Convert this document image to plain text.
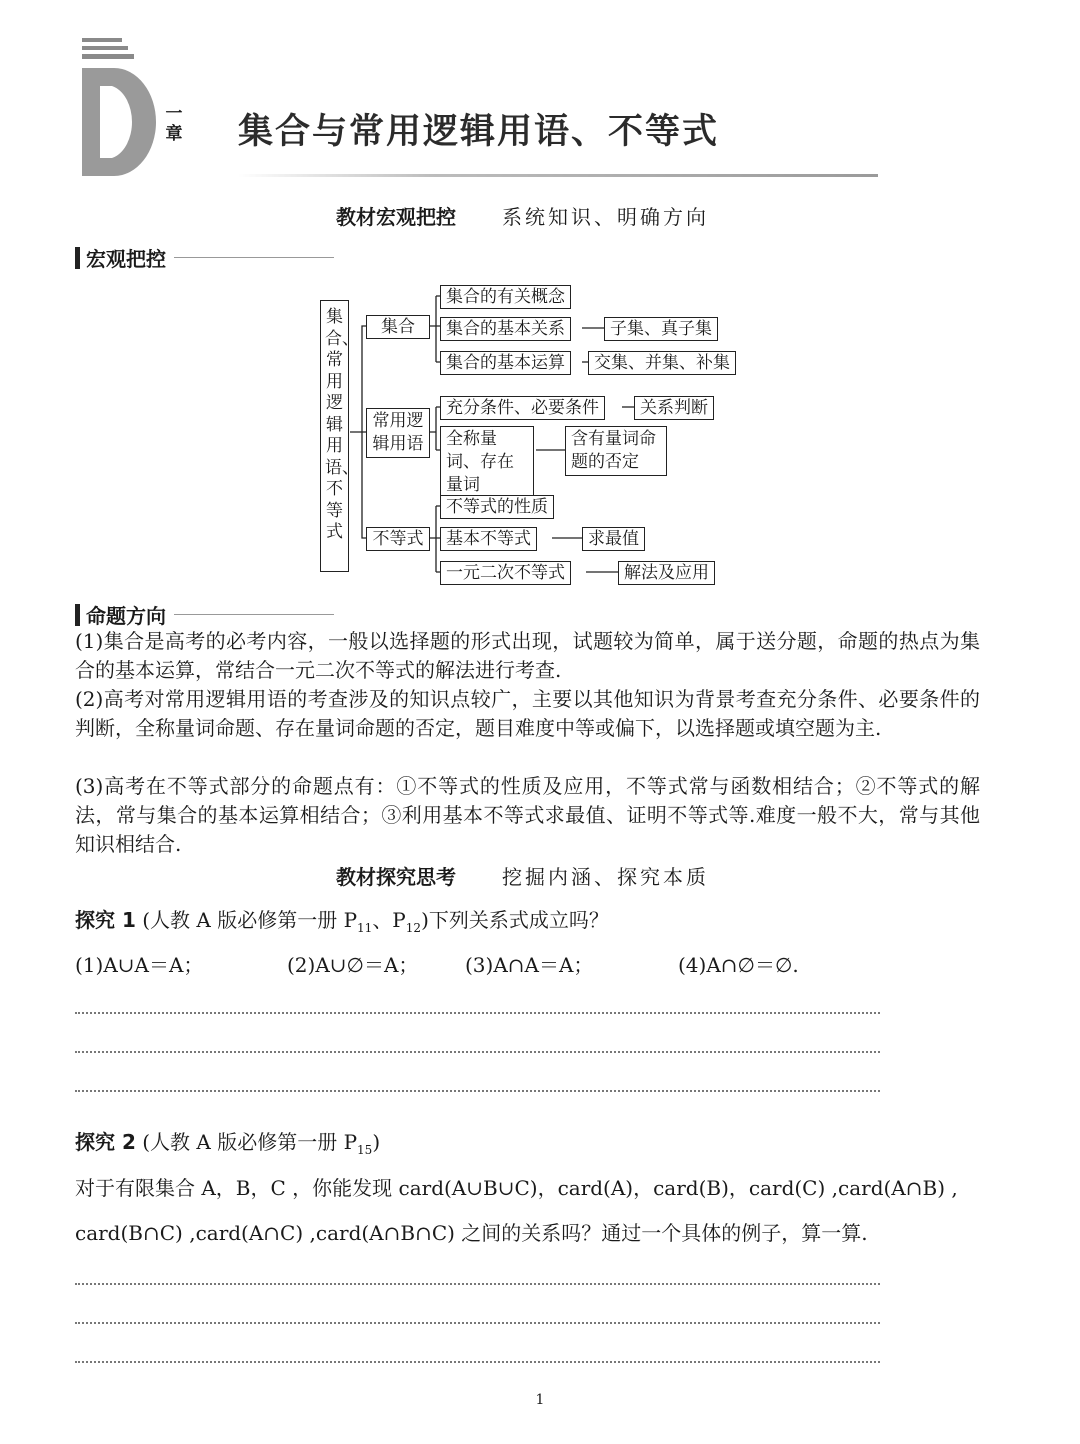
一章 集合与常用逻辑用语、不等式
教材宏观把控 系统知识、明确方向
宏观把控
集合、常用逻辑用语、不等式
集合
常用逻辑用语
不等式
集合的有关概念
集合的基本关系	子集、真子集
集合的基本运算	交集、并集、补集
充分条件、必要条件	关系判断
全称量词、存在量词
含有量词命题的否定
不等式的性质
基本不等式	求最值
一元二次不等式	解法及应用
命题方向
(1)集合是高考的必考内容，一般以选择题的形式出现，试题较为简单，属于送分题，命题的热点为集合的基本运算，常结合一元二次不等式的解法进行考查.
(2)高考对常用逻辑用语的考查涉及的知识点较广，主要以其他知识为背景考查充分条件、必要条件的判断，全称量词命题、存在量词命题的否定，题目难度中等或偏下，以选择题或填空题为主.
(3)高考在不等式部分的命题点有：①不等式的性质及应用，不等式常与函数相结合；②不等式的解法，常与集合的基本运算相结合；③利用基本不等式求最值、证明不等式等.难度一般不大，常与其他知识相结合.
教材探究思考 挖掘内涵、探究本质
探究 1 (人教 A 版必修第一册 $P_{11}$、$P_{12}$)下列关系式成立吗？
(1)A∪A＝A；	(2)A∪∅＝A； (3)A∩A＝A；	(4)A∩∅＝∅.
探究 2 (人教 A 版必修第一册 $P_{15}$)
对于有限集合 A，B，C ，你能发现 card(A∪B∪C)，card(A)，card(B)，card(C) ,card(A∩B) ,
card(B∩C) ,card(A∩C) ,card(A∩B∩C) 之间的关系吗？通过一个具体的例子，算一算.
1
